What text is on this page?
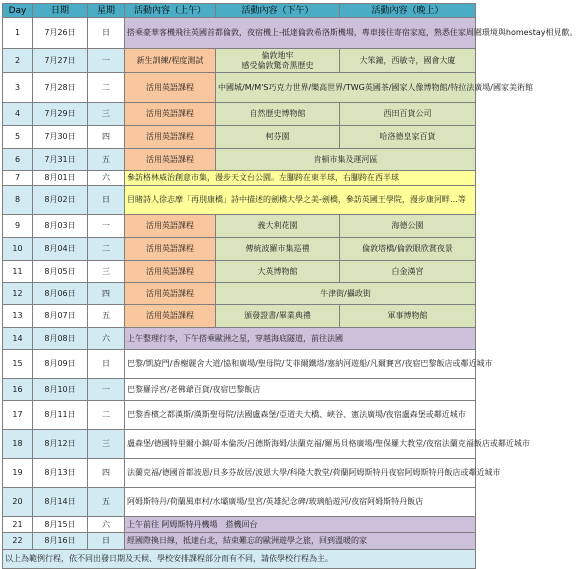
Day	日期	星期	活動內容（上午）	活動內容（下午）	活動內容（晚上）
1	7月26日	日	搭乘豪華客機飛往英國首都倫敦，夜宿機上-抵達倫敦希洛斯機場，專車接往寄宿家庭，熟悉住家周圍環境與homestay相見歡。		
2	7月27日	一	新生訓練/程度測試	倫敦地牢
感受倫敦驚奇黑歷史	大笨鐘，西敏寺，國會大廈
3	7月28日	二	活用英語課程	中國城/M/M'S巧克力世界/樂高世界/TWG英國茶/國家人像博物館/特拉法廣場/國家美術館	
4	7月29日	三	活用英語課程	自然歷史博物館	西田百貨公司
5	7月30日	四	活用英語課程	柯芬園	哈洛德皇家百貨
6	7月31日	五	活用英語課程	肯頓市集及運河區	
7	8月01日	六	參訪格林威治創意市集，漫步天文台公園。左腳跨在東半球，右腳跨在西半球		
8	8月02日	日	目睹詩人徐志摩「再別康橋」詩中描述的劍橋大學之美-劍橋，參訪英國王學院，漫步康河畔…等		
9	8月03日	一	活用英語課程	義大利花園	海德公園
10	8月04日	二	活用英語課程	傳統波羅市集巡禮	倫敦塔橋/倫敦眼欣賞夜景
11	8月05日	三	活用英語課程	大英博物館	白金漢宮
12	8月06日	四	活用英語課程	牛津街/攝政街	
13	8月07日	五	活用英語課程	頒發證書/畢業典禮	軍事博物館
14	8月08日	六	上午整理行李，下午搭乘歐洲之星，穿越海底隧道，前往法國		
15	8月09日	日	巴黎/凱旋門/香榭麗舍大道/協和廣場/聖母院/艾菲爾鐵塔/塞納河遊船/凡爾賽宮/夜宿巴黎飯店或鄰近城市		
16	8月10日	一	巴黎羅浮宮/老佛爺百貨/夜宿巴黎飯店		
17	8月11日	二	巴黎香檳之都漢斯/漢斯聖母院/法國盧森堡/亞道夫大橋、峽谷、憲法廣場/夜宿盧森堡或鄰近城市		
18	8月12日	三	盧森堡/德國特里爾小鎮/哥本倫茨/呂德斯海姆/法蘭克福/羅馬貝格廣場/聖保羅大教堂/夜宿法蘭克福飯店或鄰近城市		
19	8月13日	四	法蘭克福/德國首都波恩/貝多芬故居/波恩大學/科隆大教堂/荷蘭阿姆斯特丹夜宿阿姆斯特丹飯店或鄰近城市		
20	8月14日	五	阿姆斯特丹/荷蘭風車村/水壩廣場/皇宮/英雄紀念碑/玻璃船遊河/夜宿阿姆斯特丹飯店		
21	8月15日	六	上午前往 阿姆斯特丹機場　搭機回台		
22	8月16日	日	經國際換日線，抵達台北，結束難忘的歐洲遊學之旅，回到溫暖的家		
以上為範例行程，依不同出發日期及天候、學校安排課程部分而有不同，請依學校行程為主。					
